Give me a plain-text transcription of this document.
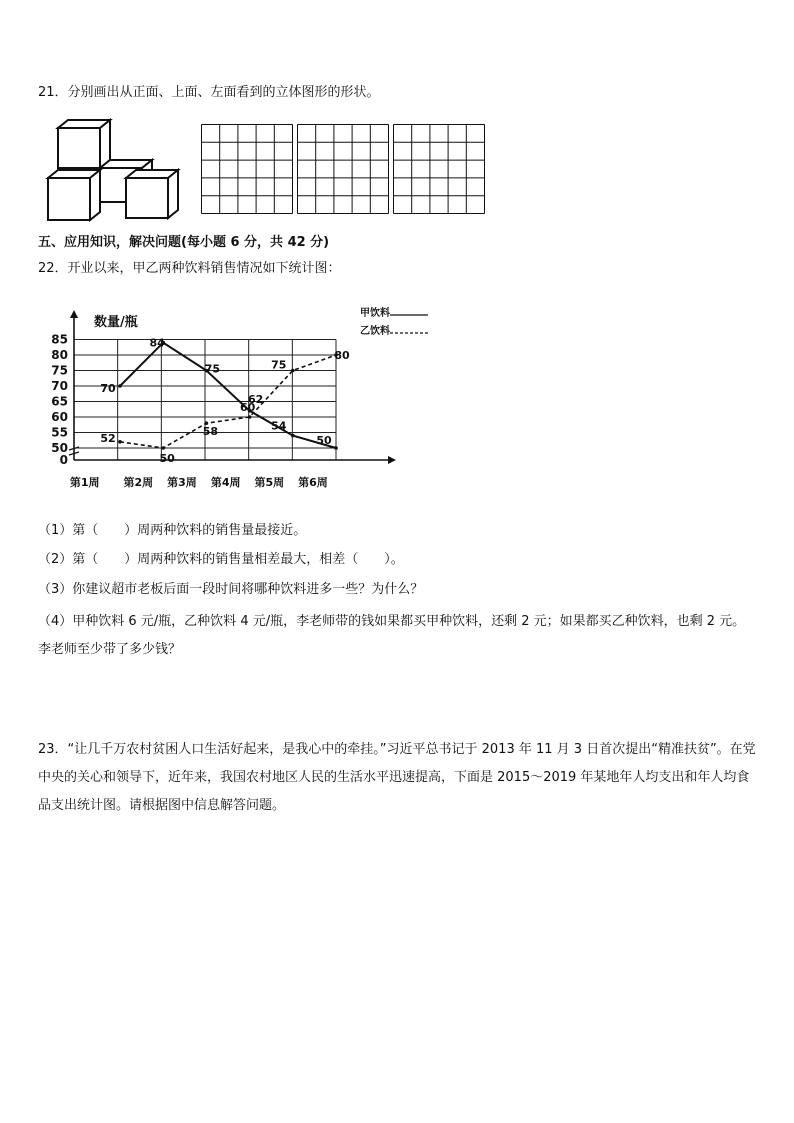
21．分别画出从正面、上面、左面看到的立体图形的形状。
五、应用知识，解决问题(每小题 6 分，共 42 分)
22．开业以来，甲乙两种饮料销售情况如下统计图：
70
84
75
62
54
50
52
50
58
60
75
80
数量/瓶
0
50
55
60
65
70
75
80
85
第1周 第2周 第3周 第4周 第5周 第6周
甲饮料
乙饮料
（1）第（　　）周两种饮料的销售量最接近。
（2）第（　　）周两种饮料的销售量相差最大，相差（　　）。
（3）你建议超市老板后面一段时间将哪种饮料进多一些？为什么？
（4）甲种饮料 6 元/瓶，乙种饮料 4 元/瓶，李老师带的钱如果都买甲种饮料，还剩 2 元；如果都买乙种饮料，也剩 2 元。李老师至少带了多少钱？
23．“让几千万农村贫困人口生活好起来，是我心中的牵挂。”习近平总书记于 2013 年 11 月 3 日首次提出“精准扶贫”。在党中央的关心和领导下，近年来，我国农村地区人民的生活水平迅速提高，下面是 2015～2019 年某地年人均支出和年人均食品支出统计图。请根据图中信息解答问题。
